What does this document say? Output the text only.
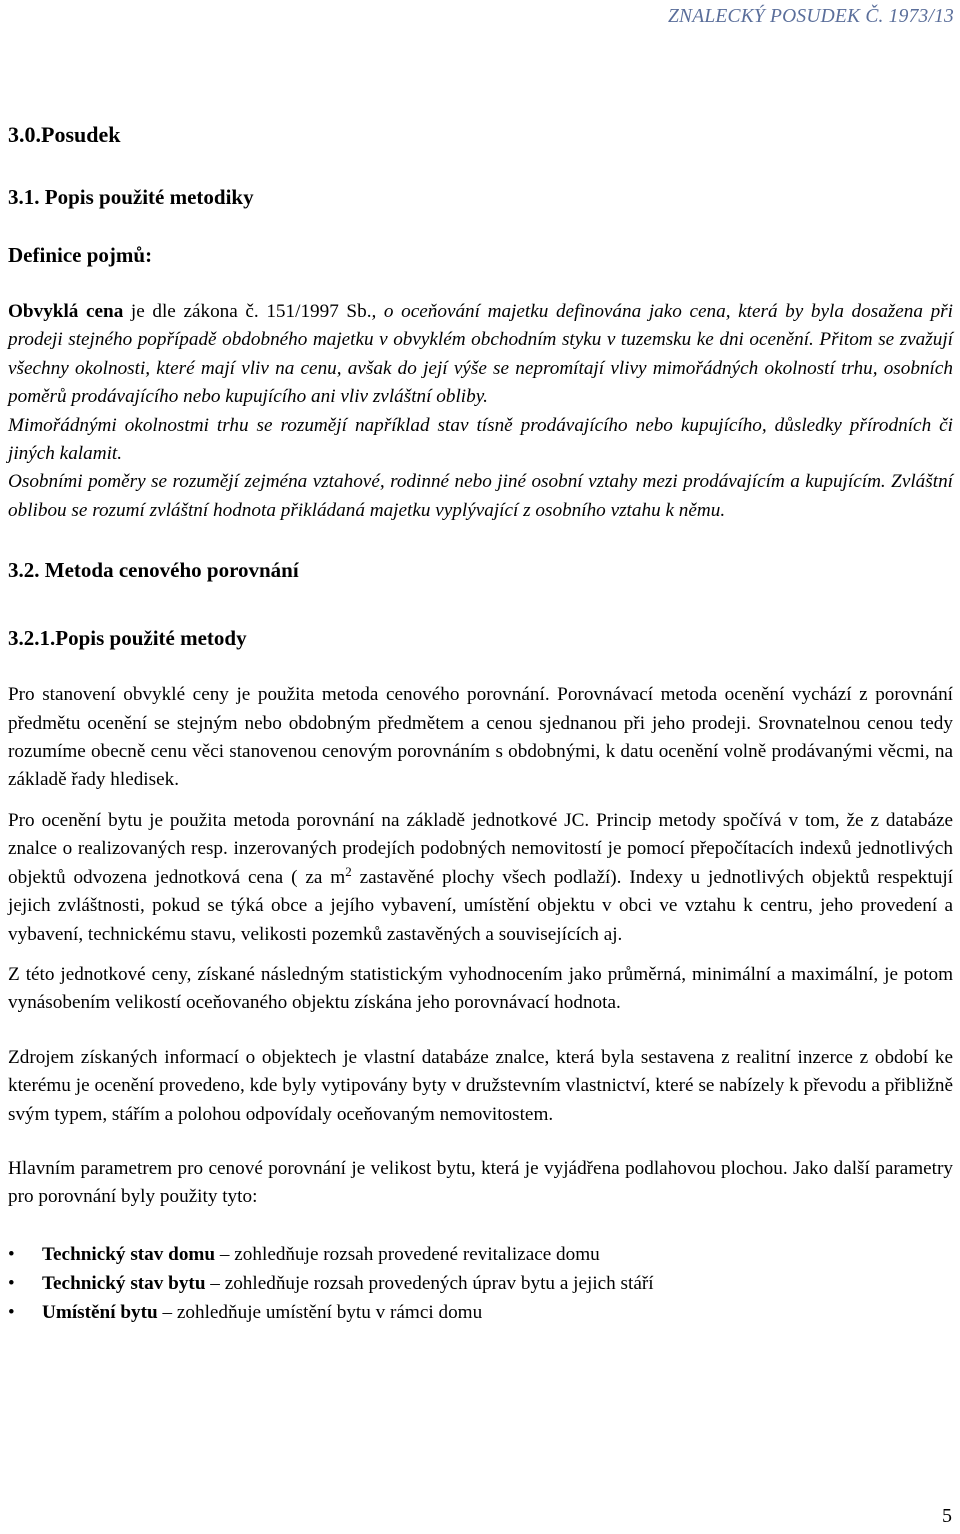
ZNALECKÝ POSUDEK Č. 1973/13
3.0.Posudek
3.1. Popis použité metodiky
Definice pojmů:

Obvyklá cena je dle zákona č. 151/1997 Sb., o oceňování majetku definována jako cena, která by byla dosažena při prodeji stejného popřípadě obdobného majetku v obvyklém obchodním styku v tuzemsku ke dni ocenění. Přitom se zvažují všechny okolnosti, které mají vliv na cenu, avšak do její výše se nepromítají vlivy mimořádných okolností trhu, osobních poměrů prodávajícího nebo kupujícího ani vliv zvláštní obliby.

Mimořádnými okolnostmi trhu se rozumějí například stav tísně prodávajícího nebo kupujícího, důsledky přírodních či jiných kalamit.

Osobními poměry se rozumějí zejména vztahové, rodinné nebo jiné osobní vztahy mezi prodávajícím a kupujícím. Zvláštní oblibou se rozumí zvláštní hodnota přikládaná majetku vyplývající z osobního vztahu k němu.

3.2. Metoda cenového porovnání
3.2.1.Popis použité metody

Pro stanovení obvyklé ceny je použita metoda cenového porovnání. Porovnávací metoda ocenění vychází z porovnání předmětu ocenění se stejným nebo obdobným předmětem a cenou sjednanou při jeho prodeji. Srovnatelnou cenou tedy rozumíme obecně cenu věci stanovenou cenovým porovnáním s obdobnými, k datu ocenění volně prodávanými věcmi, na základě řady hledisek.

Pro ocenění bytu je použita metoda porovnání na základě jednotkové JC. Princip metody spočívá v tom, že z databáze znalce o realizovaných resp. inzerovaných prodejích podobných nemovitostí je pomocí přepočítacích indexů jednotlivých objektů odvozena jednotková cena ( za $m^2$ zastavěné plochy všech podlaží). Indexy u jednotlivých objektů respektují jejich zvláštnosti, pokud se týká obce a jejího vybavení, umístění objektu v obci ve vztahu k centru, jeho provedení a vybavení, technickému stavu, velikosti pozemků zastavěných a souvisejících aj.

Z této jednotkové ceny, získané následným statistickým vyhodnocením jako průměrná, minimální a maximální, je potom vynásobením velikostí oceňovaného objektu získána jeho porovnávací hodnota.

Zdrojem získaných informací o objektech je vlastní databáze znalce, která byla sestavena z realitní inzerce z období ke kterému je ocenění provedeno, kde byly vytipovány byty v družstevním vlastnictví, které se nabízely k převodu a přibližně svým typem, stářím a polohou odpovídaly oceňovaným nemovitostem.

Hlavním parametrem pro cenové porovnání je velikost bytu, která je vyjádřena podlahovou plochou. Jako další parametry pro porovnání byly použity tyto:

• Technický stav domu – zohledňuje rozsah provedené revitalizace domu
• Technický stav bytu – zohledňuje rozsah provedených úprav bytu a jejich stáří
• Umístění bytu – zohledňuje umístění bytu v rámci domu
5
